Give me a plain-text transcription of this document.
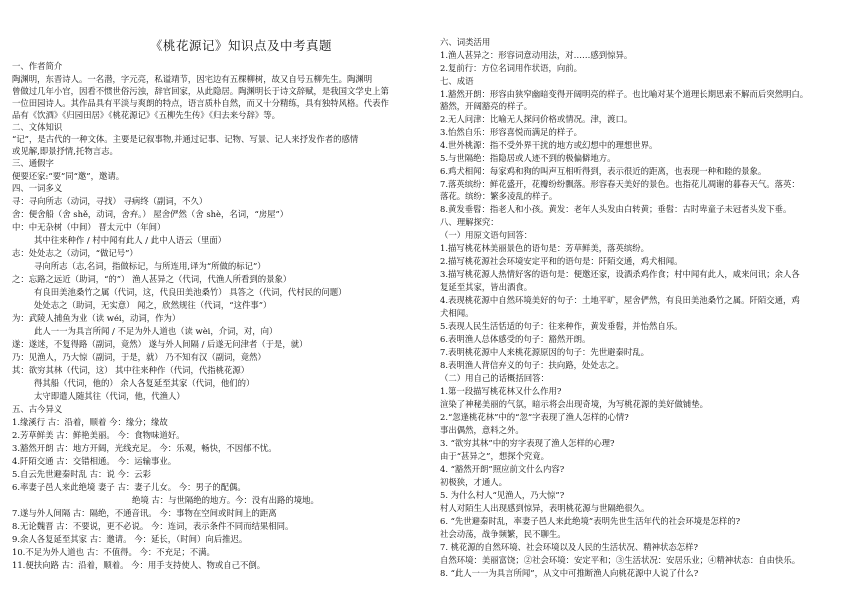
《桃花源记》知识点及中考真题
一、作者简介
陶渊明，东晋诗人。一名潜，字元亮，私谥靖节，因宅边有五棵柳树，故又自号五柳先生。陶渊明
曾做过几年小官，因看不惯世俗污浊，辞官回家，从此隐居。陶渊明长于诗文辞赋，是我国文学史上第
一位田园诗人。其作品具有平淡与爽朗的特点，语言质朴自然，而又十分精练，具有独特风格。代表作
品有《饮酒》《归园田居》《桃花源记》《五柳先生传》《归去来兮辞》等。
二、文体知识
“记”，是古代的一种文体。主要是记叙事物,并通过记事、记物、写景、记人来抒发作者的感情
或见解,即景抒情,托物言志。
三、通假字
便要还家:“要”同“邀”，邀请。
四、一词多义
寻：寻向所志（动词，寻找） 寻病终（副词，不久）
舍：便舍船（舍 shě，动词，舍弃。） 屋舍俨然（舍 shè，名词，“房屋”）
中：中无杂树（中间） 晋太元中（年间）
其中往来种作 / 村中闻有此人 / 此中人语云（里面）
志：处处志之（动词，“做记号”）
寻向所志（志,名词，指做标记，与所连用,译为“所做的标记”）
之：忘路之远近（助词，“的”） 渔人甚异之（代词，代渔人所看到的景象）
有良田美池桑竹之属（代词，这，代良田美池桑竹） 具答之（代词，代村民的问题）
处处志之（助词，无实意） 闻之，欣然规往（代词，“这件事”）
为：武陵人捕鱼为业（读 wéi，动词，作为）
此人一一为具言所闻 / 不足为外人道也（读 wèi，介词，对，向）
遂：遂迷，不复得路（副词，竟然） 遂与外人间隔 / 后遂无问津者（于是，就）
乃：见渔人，乃大惊（副词，于是，就） 乃不知有汉（副词，竟然）
其：欲穷其林（代词，这） 其中往来种作（代词，代指桃花源）
得其船（代词，他的） 余人各复延至其家（代词，他们的）
太守即遣人随其往（代词，他，代渔人）
五、古今异义
1.缘溪行 古：沿着，顺着 今：缘分；缘故
2.芳草鲜美 古：鲜艳美丽。 今：食物味道好。
3.豁然开朗 古：地方开阔，光线充足。 今：乐观，畅快，不因郁不忧。
4.阡陌交通 古：交错相通。 今：运输事业。
5.自云先世避秦时乱 古：说 今：云彩
6.率妻子邑人来此绝境 妻子 古：妻子儿女。 今：男子的配偶。
绝境 古：与世隔绝的地方。今：没有出路的境地。
7.遂与外人间隔 古：隔绝，不通音讯。 今：事物在空间或时间上的距离
8.无论魏晋 古：不要说，更不必说。 今：连词，表示条件不同而结果相同。
9.余人各复延至其家 古：邀请。 今：延长，（时间）向后推迟。
10.不足为外人道也 古：不值得。 今：不充足；不满。
11.便扶向路 古：沿着，顺着。 今：用手支持使人、物或自己不倒。
六、词类活用
1.渔人甚异之：形容词意动用法，对……感到惊异。
2.复前行：方位名词用作状语，向前。
七、成语
1.豁然开朗：形容由狭窄幽暗变得开阔明亮的样子。也比喻对某个道理长期思索不解而后突然明白。
豁然，开阔豁亮的样子。
2.无人问津：比喻无人探问价格或情况。津，渡口。
3.怡然自乐：形容喜悦而满足的样子。
4.世外桃源：指不受外界干扰的地方或幻想中的理想世界。
5.与世隔绝：指隐居或人迹不到的极偏僻地方。
6.鸡犬相闻：每家鸡和狗的叫声互相听得到，表示很近的距离，也表现一种和睦的景象。
7.落英缤纷：鲜花盛开，花瓣纷纷飘落。形容春天美好的景色。也指花儿凋谢的暮春天气。落英：
落花。缤纷：繁多凌乱的样子。
8.黄发垂髫：指老人和小孩。黄发：老年人头发由白转黄；垂髫：古时卑童子未冠者头发下垂。
八、理解探究：
（一）用原文语句回答：
1.描写桃花林美丽景色的语句是：芳草鲜美，落英缤纷。
2.描写桃花源社会环境安定平和的语句是：阡陌交通，鸡犬相闻。
3.描写桃花源人热情好客的语句是：便邀还家，设酒杀鸡作食；村中闻有此人，咸来问讯；余人各
复延至其家，皆出酒食。
4.表现桃花源中自然环境美好的句子：土地平旷，屋舍俨然，有良田美池桑竹之属。阡陌交通，鸡
犬相闻。
5.表现人民生活恬适的句子：往来种作，黄发垂髫，并怡然自乐。
6.表明渔人总体感受的句子：豁然开朗。
7.表明桃花源中人来桃花源原因的句子：先世避秦时乱。
8.表明渔人背信弃义的句子：扶向路，处处志之。
（二）用自己的话概括回答：
1.第一段描写桃花林又什么作用?
渲染了神秘美丽的气氛，暗示将会出现奇境，为写桃花源的美好做铺垫。
2.“忽逢桃花林”中的“忽”字表现了渔人怎样的心情?
事出偶然，意料之外。
3. “欲穷其林”中的穷字表现了渔人怎样的心理?
由于“甚异之”，想探个究竟。
4. “豁然开朗”照应前文什么内容?
初极狭，才通人。
5. 为什么村人“见渔人，乃大惊”?
村人对陌生人出现感到惊异，表明桃花源与世隔绝很久。
6. “先世避秦时乱，率妻子邑人来此绝境”表明先世生活年代的社会环境是怎样的?
社会动荡，战争频繁，民不聊生。
7. 桃花源的自然环境、社会环境以及人民的生活状况、精神状态怎样?
自然环境：美丽富饶；②社会环境：安定平和；③生活状况：安居乐业；④精神状态：自由快乐。
8. “此人一一为具言所闻”，从文中可推断渔人向桃花源中人说了什么?
